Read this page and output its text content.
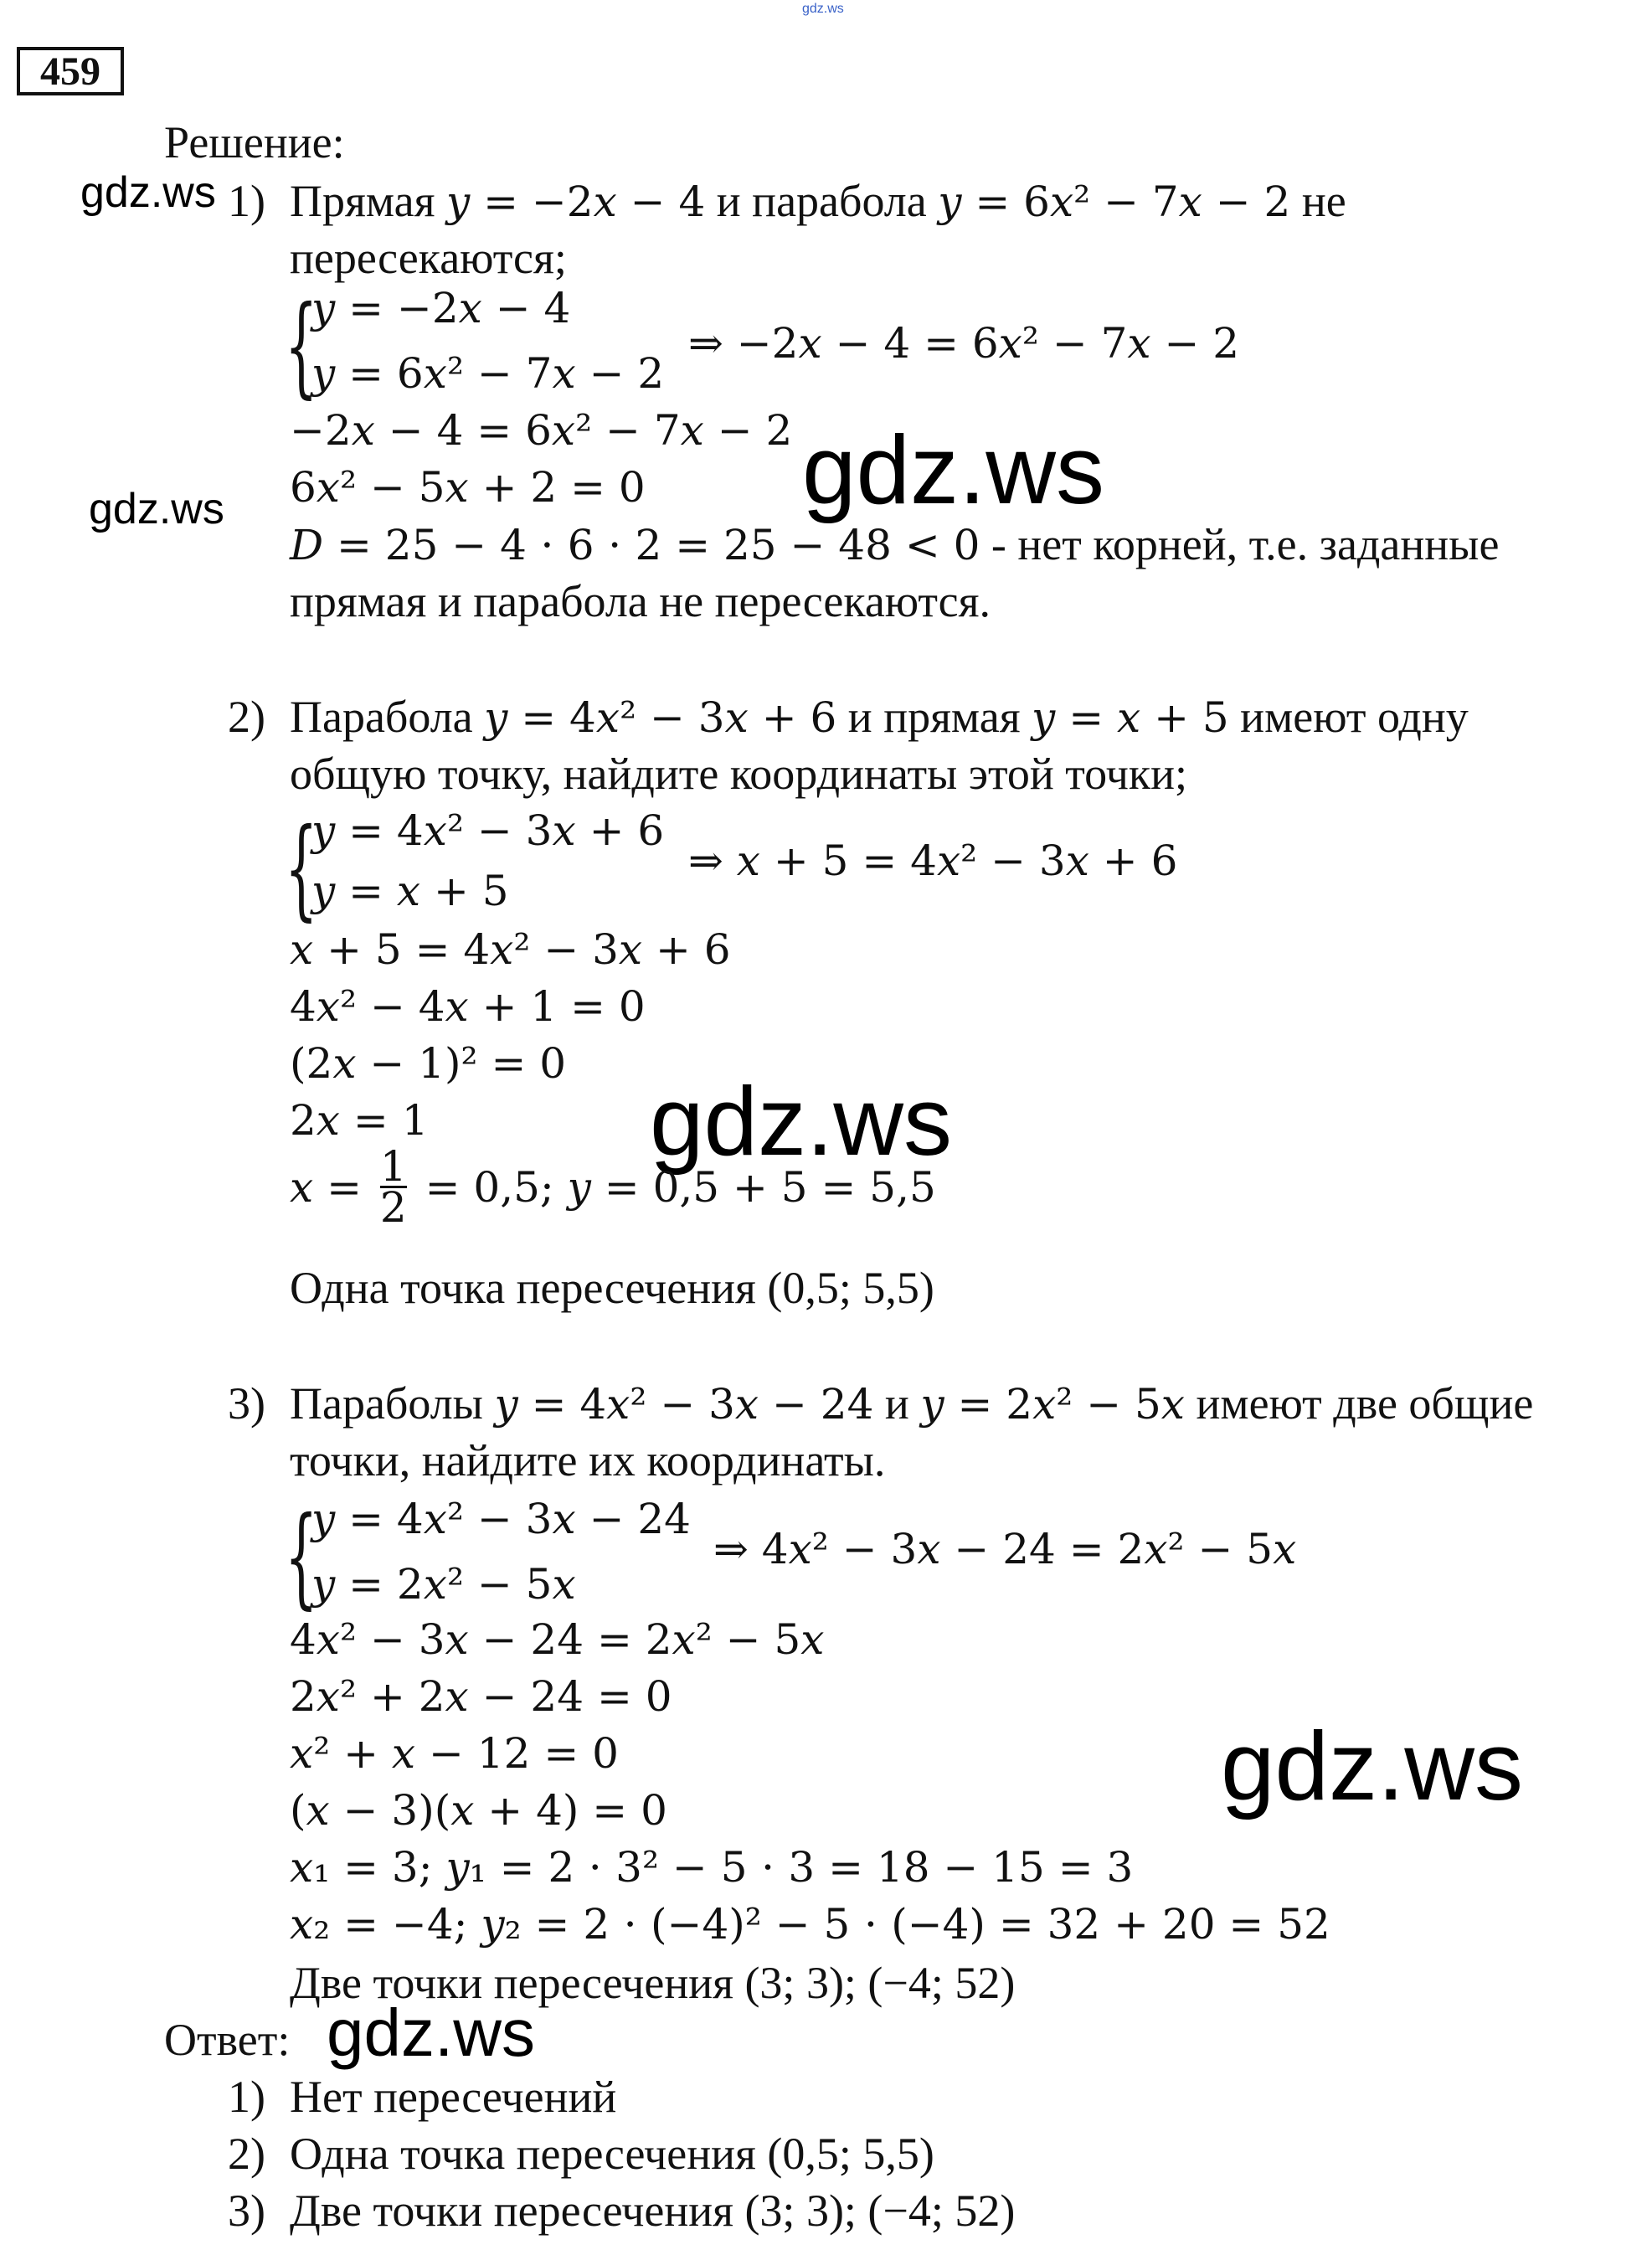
gdz.ws
459
Решение:
gdz.ws 1) Прямая 𝑦 = −2𝑥 − 4 и парабола 𝑦 = 6𝑥² − 7𝑥 − 2 не
пересекаются;
{
𝑦 = −2𝑥 − 4
𝑦 = 6𝑥² − 7𝑥 − 2
⇒ −2𝑥 − 4 = 6𝑥² − 7𝑥 − 2
−2𝑥 − 4 = 6𝑥² − 7𝑥 − 2
6𝑥² − 5𝑥 + 2 = 0
gdz.ws	gdz.ws
𝐷 = 25 − 4 ⋅ 6 ⋅ 2 = 25 − 48 < 0 - нет корней, т.е. заданные
прямая и парабола не пересекаются.
2) Парабола 𝑦 = 4𝑥² − 3𝑥 + 6 и прямая 𝑦 = 𝑥 + 5 имеют одну
общую точку, найдите координаты этой точки;
{
𝑦 = 4𝑥² − 3𝑥 + 6
𝑦 = 𝑥 + 5
⇒ 𝑥 + 5 = 4𝑥² − 3𝑥 + 6
𝑥 + 5 = 4𝑥² − 3𝑥 + 6
4𝑥² − 4𝑥 + 1 = 0
(2𝑥 − 1)² = 0
2𝑥 = 1 gdz.ws
𝑥 = $\frac{1}{2} = 0,5$; 𝑦 = 0,5 + 5 = 5,5
Одна точка пересечения (0,5; 5,5)
3) Параболы 𝑦 = 4𝑥² − 3𝑥 − 24 и 𝑦 = 2𝑥² − 5𝑥 имеют две общие
точки, найдите их координаты.
{
𝑦 = 4𝑥² − 3𝑥 − 24
𝑦 = 2𝑥² − 5𝑥
⇒ 4𝑥² − 3𝑥 − 24 = 2𝑥² − 5𝑥
4𝑥² − 3𝑥 − 24 = 2𝑥² − 5𝑥
2𝑥² + 2𝑥 − 24 = 0
𝑥² + 𝑥 − 12 = 0	gdz.ws
(𝑥 − 3)(𝑥 + 4) = 0
𝑥₁ = 3; 𝑦₁ = 2 ⋅ 3² − 5 ⋅ 3 = 18 − 15 = 3
𝑥₂ = −4; 𝑦₂ = 2 ⋅ (−4)² − 5 ⋅ (−4) = 32 + 20 = 52
Две точки пересечения (3; 3); (−4; 52)
Ответ: gdz.ws
1) Нет пересечений
2) Одна точка пересечения (0,5; 5,5)
3) Две точки пересечения (3; 3); (−4; 52)
